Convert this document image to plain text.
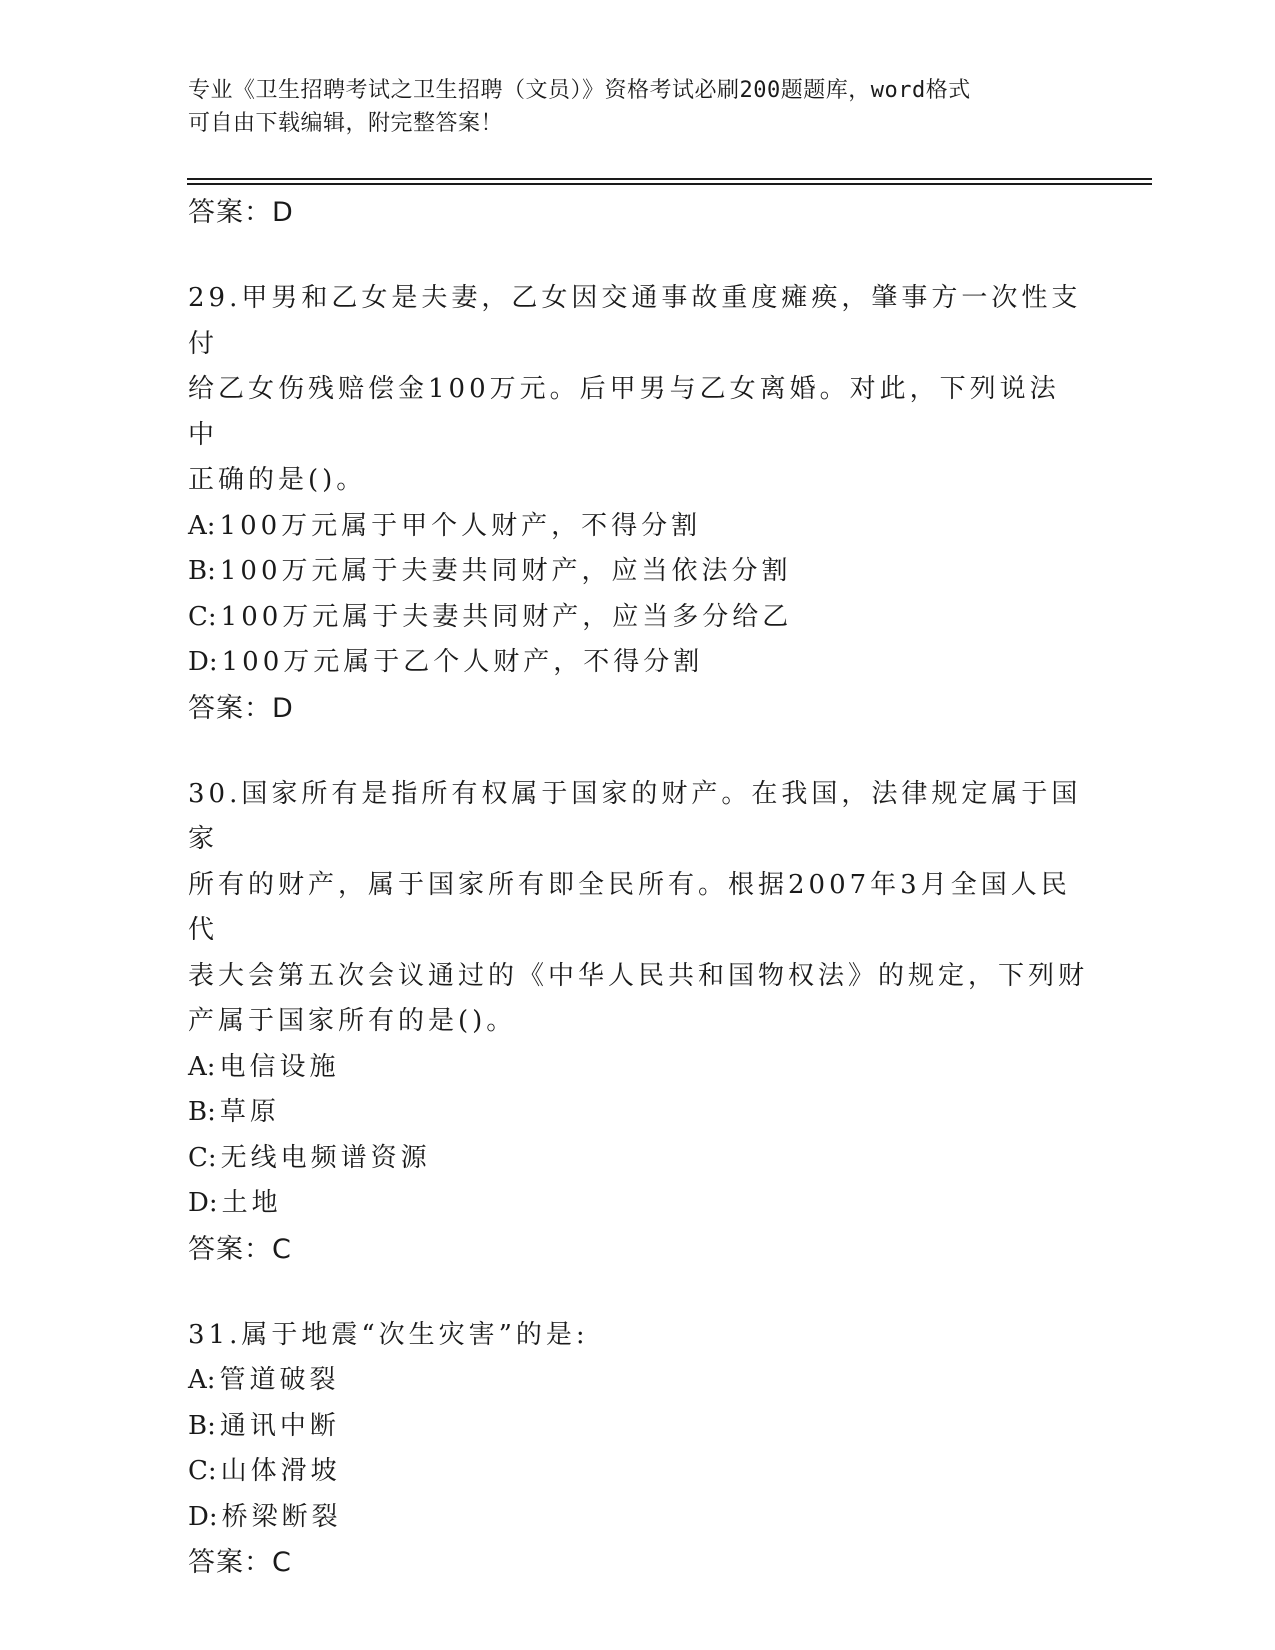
专业《卫生招聘考试之卫生招聘（文员）》资格考试必刷200题题库，word格式
可自由下载编辑，附完整答案！

答案：D

29.甲男和乙女是夫妻，乙女因交通事故重度瘫痪，肇事方一次性支付

给乙女伤残赔偿金100万元。后甲男与乙女离婚。对此，下列说法中

正确的是()。

A: 100万元属于甲个人财产，不得分割

B: 100万元属于夫妻共同财产，应当依法分割

C: 100万元属于夫妻共同财产，应当多分给乙

D: 100万元属于乙个人财产，不得分割

答案：D

30.国家所有是指所有权属于国家的财产。在我国，法律规定属于国家

所有的财产，属于国家所有即全民所有。根据2007年3月全国人民代

表大会第五次会议通过的《中华人民共和国物权法》的规定，下列财

产属于国家所有的是()。

A: 电信设施

B: 草原

C: 无线电频谱资源

D: 土地

答案：C

31.属于地震“次生灾害”的是:

A: 管道破裂

B: 通讯中断

C: 山体滑坡

D: 桥梁断裂

答案：C
